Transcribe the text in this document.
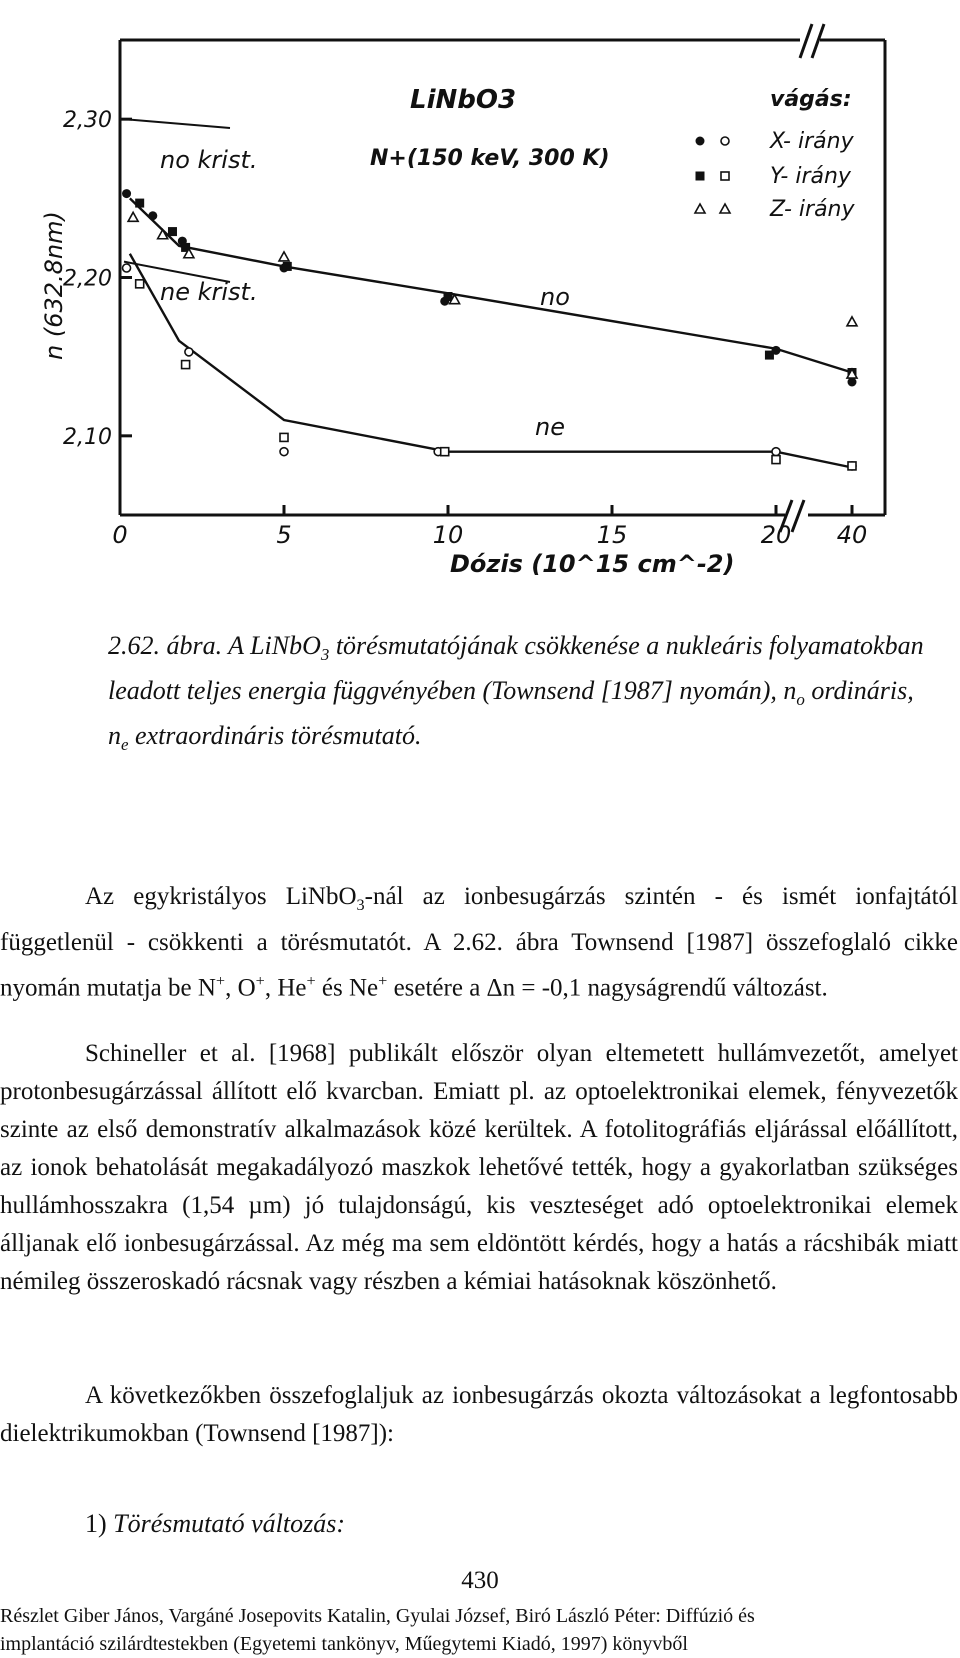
2,30
2,20
2,10
0	5	10	15	20 40
Dózis (10^15 cm^-2)
n (632.8nm)
LiNbO3
N+(150 keV, 300 K)
vágás:
X- irány
Y- irány
Z- irány
no krist.
ne krist.	no
ne
2.62. ábra. A LiNbO$_3$ törésmutatójának csökkenése a nukleáris folyamatokban leadott teljes energia függvényében (Townsend [1987] nyomán), $n_o$ ordináris, $n_e$ extraordináris törésmutató.
Az egykristályos LiNbO$_3$-nál az ionbesugárzás szintén - és ismét ionfajtától függetlenül - csökkenti a törésmutatót. A 2.62. ábra Townsend [1987] összefoglaló cikke nyomán mutatja be N+, O+, He+ és Ne+ esetére a Δn = -0,1 nagyságrendű változást.
Schineller et al. [1968] publikált először olyan eltemetett hullámvezetőt, amelyet protonbesugárzással állított elő kvarcban. Emiatt pl. az optoelektronikai elemek, fényvezetők szinte az első demonstratív alkalmazások közé kerültek. A fotolitográfiás eljárással előállított, az ionok behatolását megakadályozó maszkok lehetővé tették, hogy a gyakorlatban szükséges hullámhosszakra (1,54 µm) jó tulajdonságú, kis veszteséget adó optoelektronikai elemek álljanak elő ionbesugárzással. Az még ma sem eldöntött kérdés, hogy a hatás a rácshibák miatt némileg összeroskadó rácsnak vagy részben a kémiai hatásoknak köszönhető.
A következőkben összefoglaljuk az ionbesugárzás okozta változásokat a legfontosabb dielektrikumokban (Townsend [1987]):
1) Törésmutató változás:
430
Részlet Giber János, Vargáné Josepovits Katalin, Gyulai József, Biró László Péter: Diffúzió és
implantáció szilárdtestekben (Egyetemi tankönyv, Műegytemi Kiadó, 1997) könyvből
